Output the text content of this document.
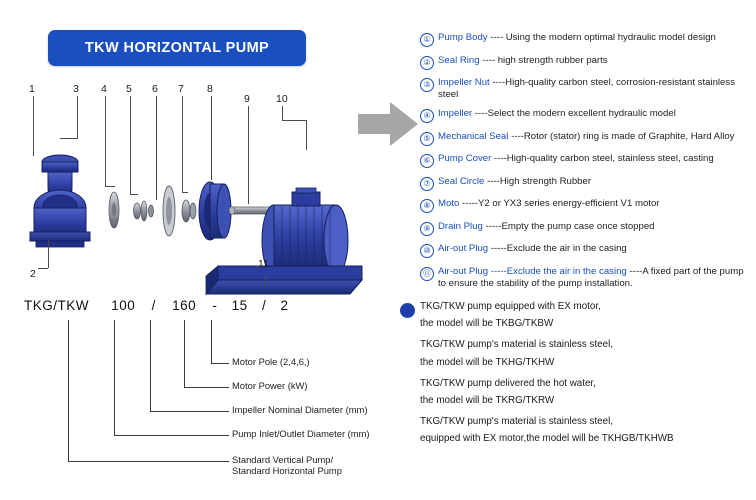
TKW HORIZONTAL PUMP
1
2
3 4 5 6 7 8
9 10
11
① Pump Body ---- Using the modern optimal hydraulic model design
② Seal Ring ---- high strength rubber parts
③ Impeller Nut ----High-quality carbon steel, corrosion-resistant stainless steel
④ Impeller ----Select the modern excellent hydraulic model
⑤ Mechanical Seal ----Rotor (stator) ring is made of Graphite, Hard Alloy
⑥ Pump Cover ----High-quality carbon steel, stainless steel, casting
⑦ Seal Circle ----High strength Rubber
⑧ Moto -----Y2 or YX3 series energy-efficient V1 motor
⑨ Drain Plug -----Empty the pump case once stopped
⑩ Air-out Plug -----Exclude the air in the casing
⑪ Air-out Plug -----Exclude the air in the casing ----A fixed part of the pump to ensure the stability of the pump installation.
TKG/TKW 100 / 160 - 15 / 2
Motor Pole (2,4,6,)
Motor Power (kW)
Impeller Nominal Diameter (mm)
Pump Inlet/Outlet Diameter (mm)
Standard Vertical Pump/
Standard Horizontal Pump
TKG/TKW pump equipped with EX motor,
the model will be TKBG/TKBW
TKG/TKW pump's material is stainless steel,
the model will be TKHG/TKHW
TKG/TKW pump delivered the hot water,
the model will be TKRG/TKRW
TKG/TKW pump's material is stainless steel,
equipped with EX motor,the model will be TKHGB/TKHWB
